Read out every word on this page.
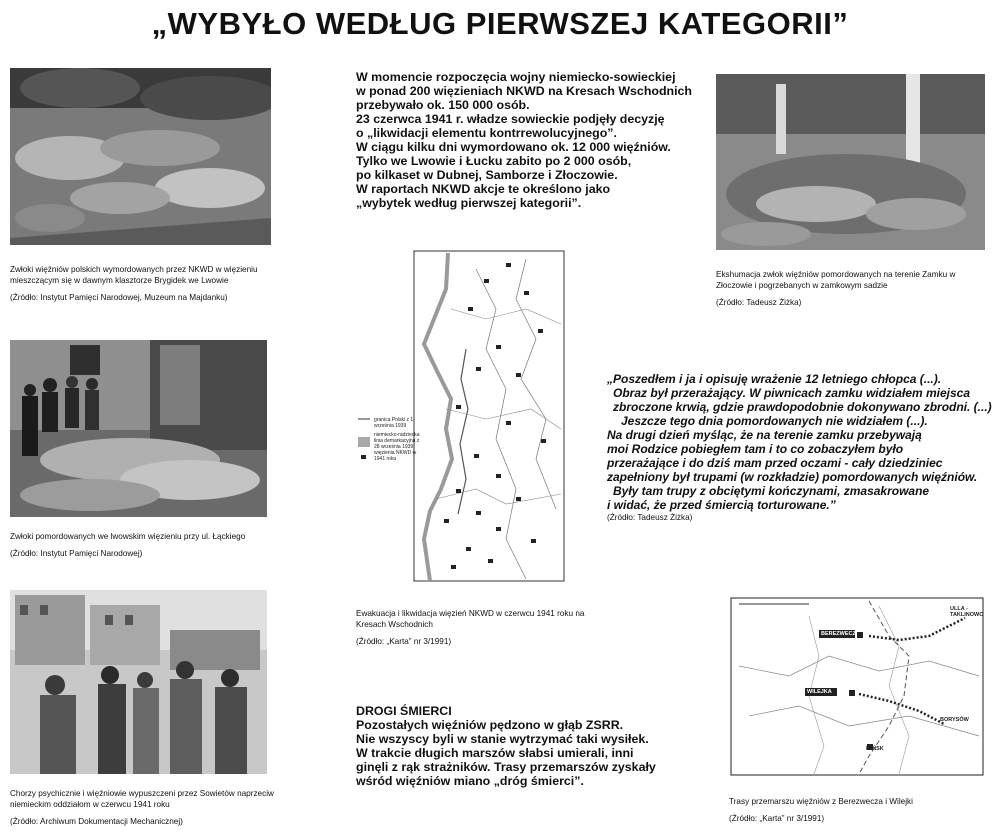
„WYBYŁO WEDŁUG PIERWSZEJ KATEGORII”
Zwłoki więźniów polskich wymordowanych przez NKWD w więzieniu mieszczącym się w dawnym klasztorze Brygidek we Lwowie
(Źródło: Instytut Pamięci Narodowej, Muzeum na Majdanku)
Zwłoki pomordowanych we lwowskim więzieniu przy ul. Łąckiego
(Źródło: Instytut Pamięci Narodowej)
Chorzy psychicznie i więźniowie wypuszczeni przez Sowietów naprzeciw niemieckim oddziałom w czerwcu 1941 roku
(Źródło: Archiwum Dokumentacji Mechanicznej)
Ekshumacja zwłok więźniów pomordowanych na terenie Zamku w Złoczowie i pogrzebanych w zamkowym sadzie
(Źródło: Tadeusz Żiżka)

W momencie rozpoczęcia wojny niemiecko-sowieckiej

w ponad 200 więzieniach NKWD na Kresach Wschodnich

przebywało ok. 150 000 osób.

23 czerwca 1941 r. władze sowieckie podjęły decyzję

o „likwidacji elementu kontrrewolucyjnego”.

W ciągu kilku dni wymordowano ok. 12 000 więźniów.

Tylko we Lwowie i Łucku zabito po 2 000 osób,

po kilkaset w Dubnej, Samborze i Złoczowie.

W raportach NKWD akcje te określono jako

„wybytek według pierwszej kategorii”.

granica Polski z 1 września 1939

niemiecko-radziecka linia demarkacyjna z 28 września 1939

więzienia NKWD w 1941 roku

Ewakuacja i likwidacja więzień NKWD w czerwcu 1941 roku na Kresach Wschodnich
(Źródło: „Karta” nr 3/1991)

DROGI ŚMIERCI

Pozostałych więźniów pędzono w głąb ZSRR.

Nie wszyscy byli w stanie wytrzymać taki wysiłek.

W trakcie długich marszów słabsi umierali, inni

ginęli z rąk strażników. Trasy przemarszów zyskały

wśród więźniów miano „dróg śmierci”.

„Poszedłem i ja i opisuję wrażenie 12 letniego chłopca (...).

Obraz był przerażający. W piwnicach zamku widziałem miejsca

zbroczone krwią, gdzie prawdopodobnie dokonywano zbrodni. (...)

Jeszcze tego dnia pomordowanych nie widziałem (...).

Na drugi dzień myśląc, że na terenie zamku przebywają

moi Rodzice pobiegłem tam i to co zobaczyłem było

przerażające i do dziś mam przed oczami - cały dziedziniec

zapełniony był trupami (w rozkładzie) pomordowanych więźniów.

Były tam trupy z obciętymi kończynami, zmasakrowane

i widać, że przed śmiercią torturowane.”

(Źródło: Tadeusz Żiżka)
BEREZWECZ
WILEJKA
BORYSÓW
ULLA - TAKLINOWO
MIŃSK
Trasy przemarszu więźniów z Berezwecza i Wilejki
(Źródło: „Karta” nr 3/1991)
